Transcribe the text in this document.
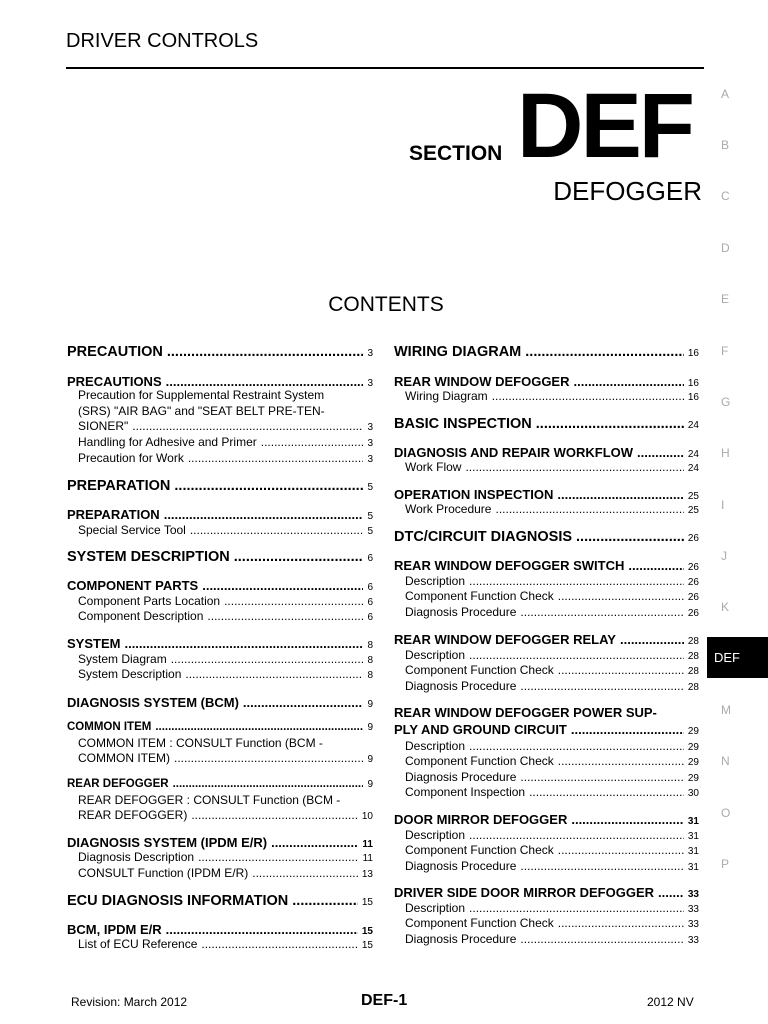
DRIVER CONTROLS
SECTION DEF
DEFOGGER
CONTENTS
PRECAUTION .....	3
PRECAUTIONS .....	3
Precaution for Supplemental Restraint System
(SRS) "AIR BAG" and "SEAT BELT PRE-TEN-
SIONER" .....	3
Handling for Adhesive and Primer .....	3
Precaution for Work .....	3
PREPARATION .....	5
PREPARATION .....	5
Special Service Tool .....	5
SYSTEM DESCRIPTION .....	6
COMPONENT PARTS .....	6
Component Parts Location .....	6
Component Description .....	6
SYSTEM .....	8
System Diagram .....	8
System Description .....	8
DIAGNOSIS SYSTEM (BCM) .....	9
COMMON ITEM .....	9
COMMON ITEM : CONSULT Function (BCM -
COMMON ITEM) .....	9
REAR DEFOGGER .....	9
REAR DEFOGGER : CONSULT Function (BCM -
REAR DEFOGGER) .....	10
DIAGNOSIS SYSTEM (IPDM E/R) .....	11
Diagnosis Description .....	11
CONSULT Function (IPDM E/R) .....	13
ECU DIAGNOSIS INFORMATION .....	15
BCM, IPDM E/R .....	15
List of ECU Reference .....	15
WIRING DIAGRAM .....	16
REAR WINDOW DEFOGGER .....	16
Wiring Diagram .....	16
BASIC INSPECTION .....	24
DIAGNOSIS AND REPAIR WORKFLOW .....	24
Work Flow .....	24
OPERATION INSPECTION .....	25
Work Procedure .....	25
DTC/CIRCUIT DIAGNOSIS .....	26
REAR WINDOW DEFOGGER SWITCH .....	26
Description .....	26
Component Function Check .....	26
Diagnosis Procedure .....	26
REAR WINDOW DEFOGGER RELAY .....	28
Description .....	28
Component Function Check .....	28
Diagnosis Procedure .....	28
REAR WINDOW DEFOGGER POWER SUP-
PLY AND GROUND CIRCUIT .....	29
Description .....	29
Component Function Check .....	29
Diagnosis Procedure .....	29
Component Inspection .....	30
DOOR MIRROR DEFOGGER .....	31
Description .....	31
Component Function Check .....	31
Diagnosis Procedure .....	31
DRIVER SIDE DOOR MIRROR DEFOGGER .....	33
Description .....	33
Component Function Check .....	33
Diagnosis Procedure .....	33
A
B
C
D
E
F
G
H
I
J
K
DEF
M
N
O
P
Revision: March 2012	DEF-1	2012 NV
